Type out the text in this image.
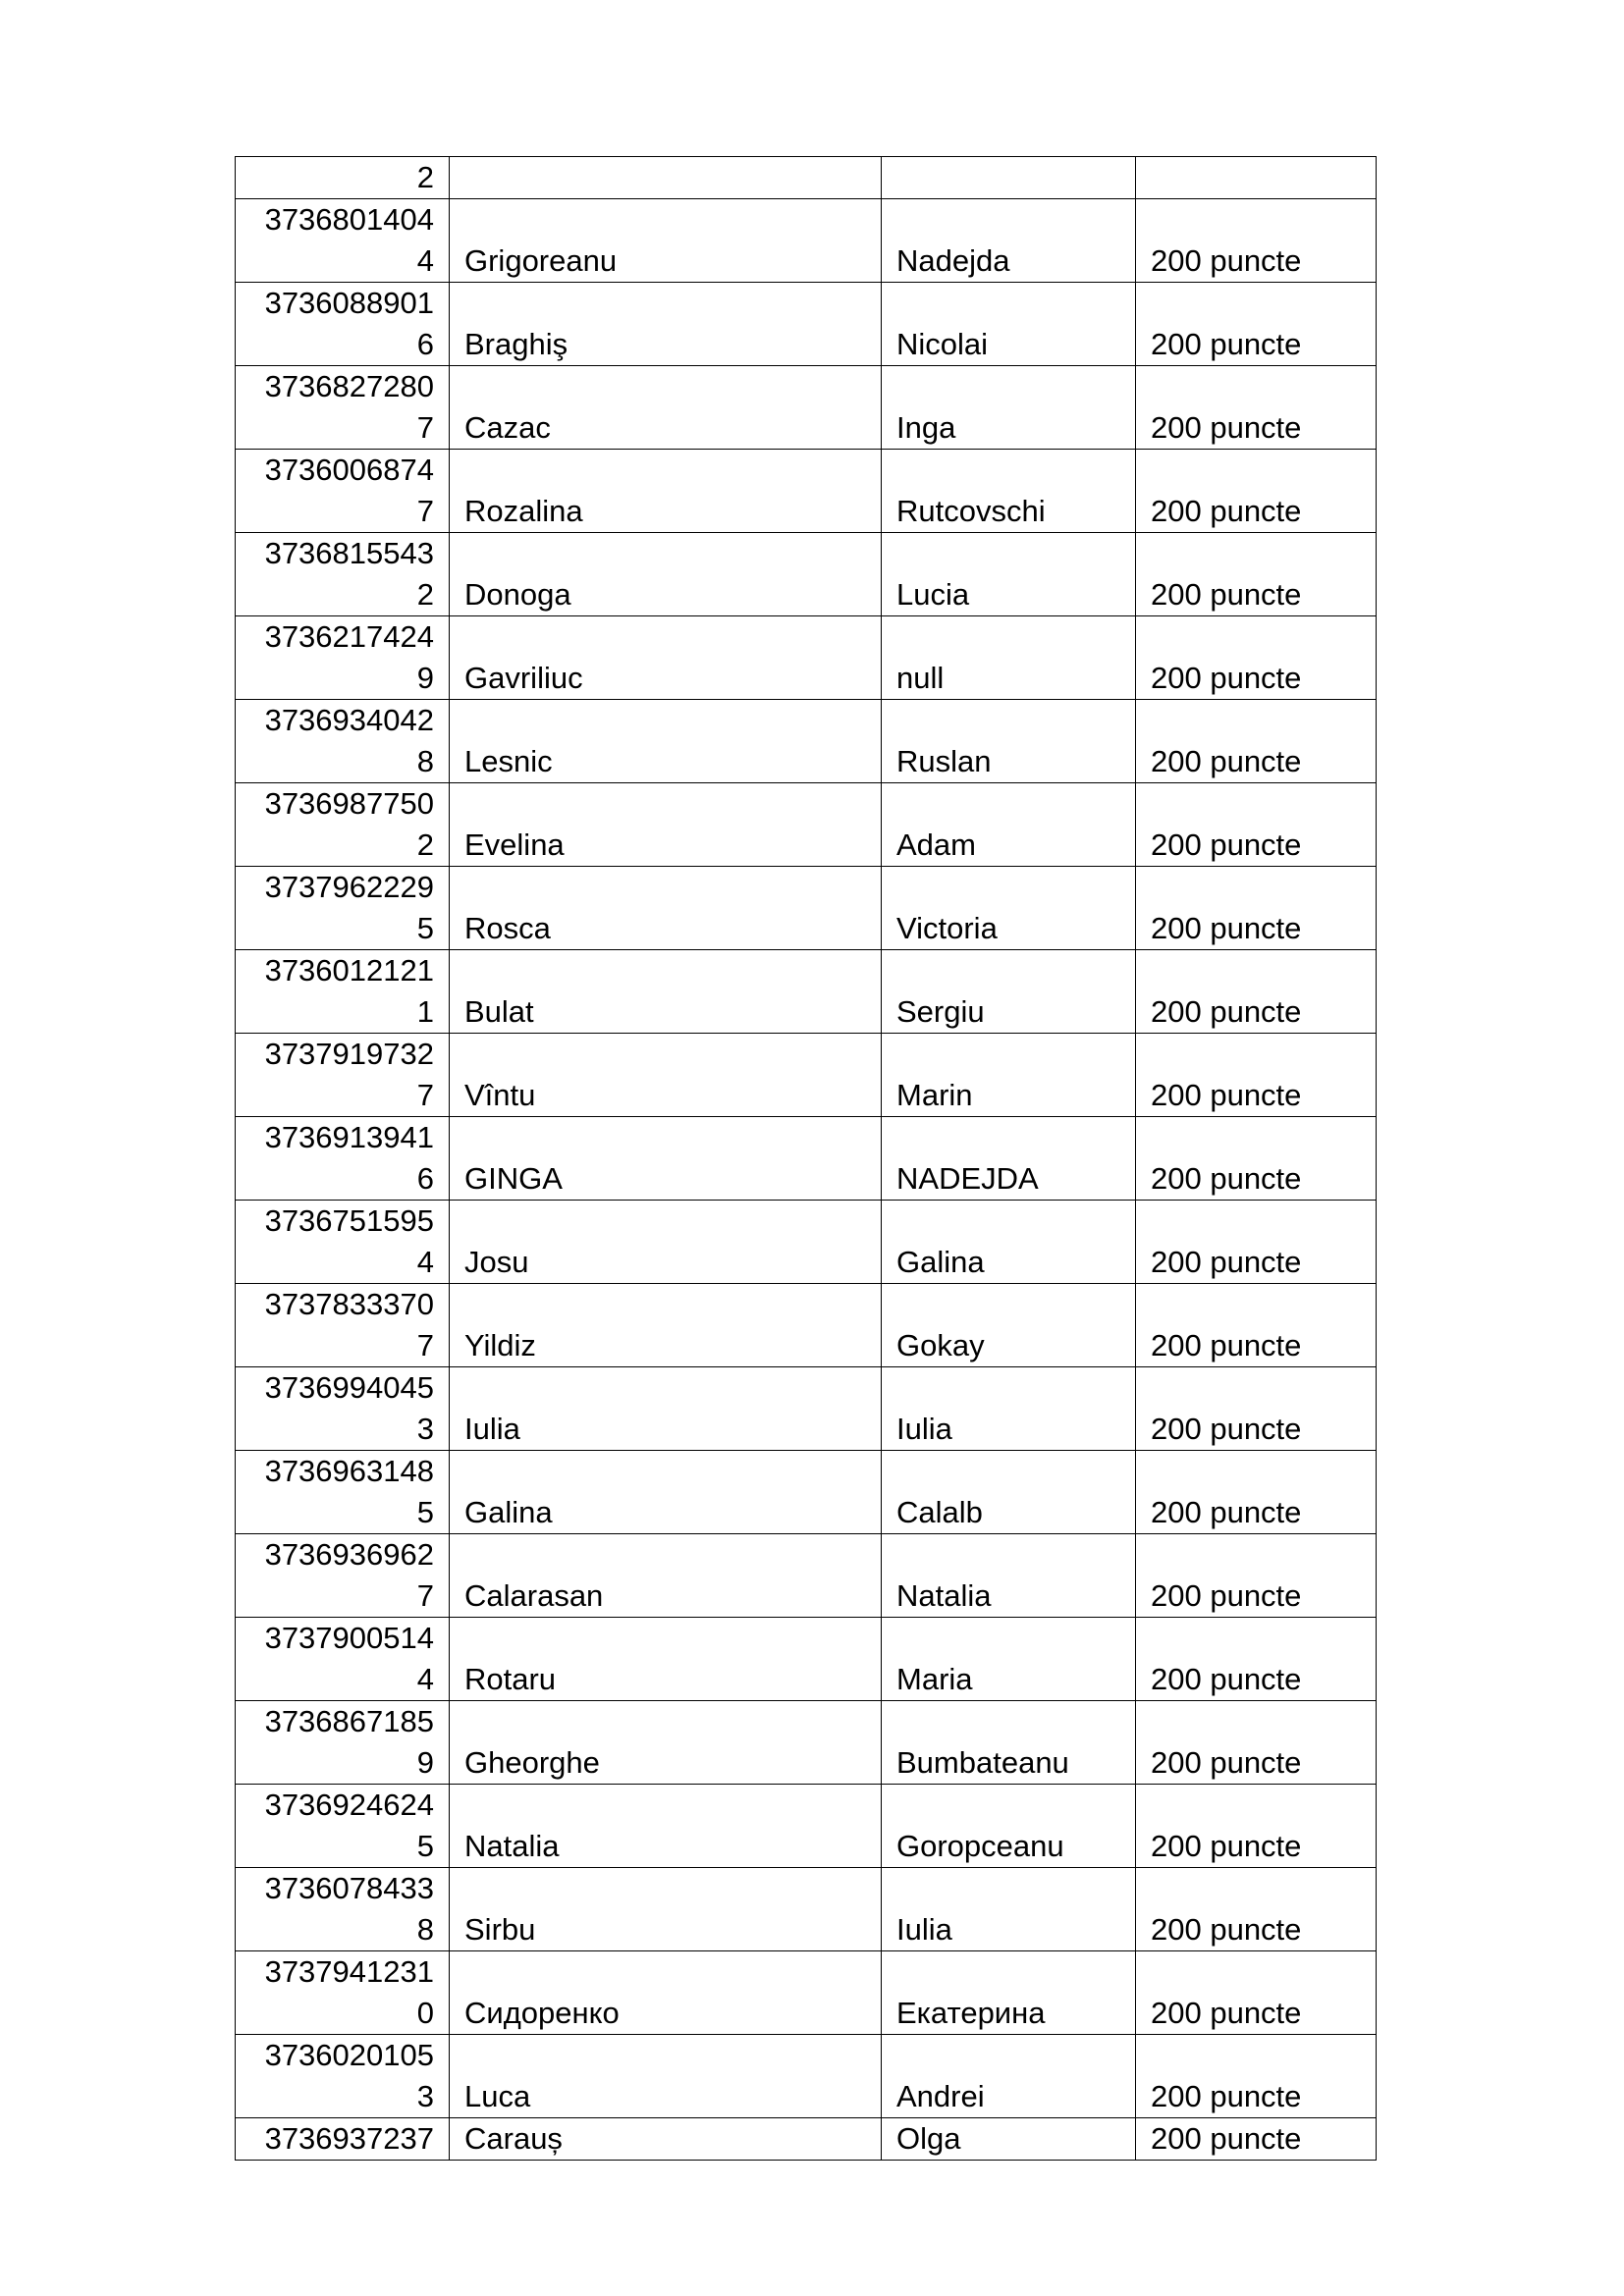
2			

3736801404
4	Grigoreanu	Nadejda	200 puncte

3736088901
6	Braghiş	Nicolai	200 puncte

3736827280
7	Cazac	Inga	200 puncte

3736006874
7	Rozalina	Rutcovschi	200 puncte

3736815543
2	Donoga	Lucia	200 puncte

3736217424
9	Gavriliuc	null	200 puncte

3736934042
8	Lesnic	Ruslan	200 puncte

3736987750
2	Evelina	Adam	200 puncte

3737962229
5	Rosca	Victoria	200 puncte

3736012121
1	Bulat	Sergiu	200 puncte

3737919732
7	Vîntu	Marin	200 puncte

3736913941
6	GINGA	NADEJDA	200 puncte

3736751595
4	Josu	Galina	200 puncte

3737833370
7	Yildiz	Gokay	200 puncte

3736994045
3	Iulia	Iulia	200 puncte

3736963148
5	Galina	Calalb	200 puncte

3736936962
7	Calarasan	Natalia	200 puncte

3737900514
4	Rotaru	Maria	200 puncte

3736867185
9	Gheorghe	Bumbateanu	200 puncte

3736924624
5	Natalia	Goropceanu	200 puncte

3736078433
8	Sirbu	Iulia	200 puncte

3737941231
0	Сидоренко	Екатерина	200 puncte

3736020105
3	Luca	Andrei	200 puncte

3736937237	Carauș	Olga	200 puncte
